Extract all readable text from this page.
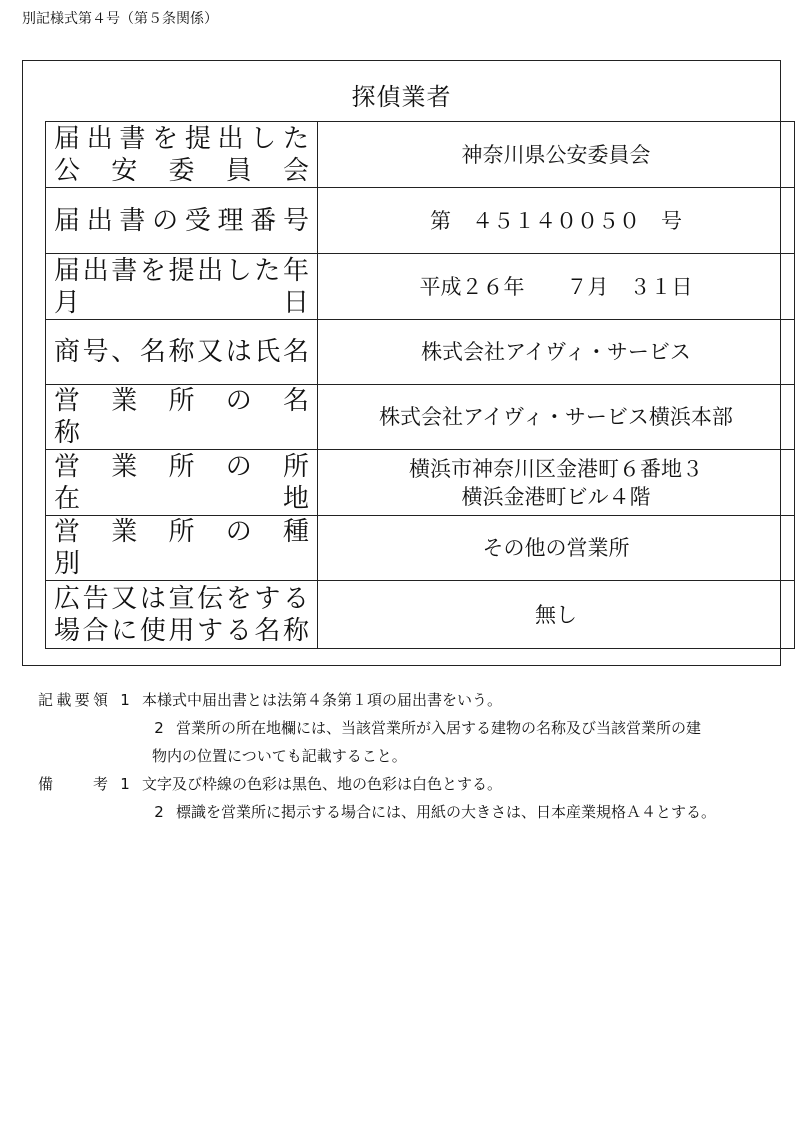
別記様式第４号（第５条関係）
探偵業者
届出書を提出した
公　安　委　員　会	神奈川県公安委員会

届出書の受理番号	第　４５１４００５０　号

届出書を提出した年月日	平成２６年　　７月　３１日

商号、名称又は氏名	株式会社アイヴィ・サービス

営　業　所　の　名　称	株式会社アイヴィ・サービス横浜本部

営　業　所　の　所　在　地	横浜市神奈川区金港町６番地３
横浜金港町ビル４階

営　業　所　の　種　別	その他の営業所

広告又は宣伝をする
場合に使用する名称	無し
記載要領 1 本様式中届出書とは法第４条第１項の届出書をいう。
2 営業所の所在地欄には、当該営業所が入居する建物の名称及び当該営業所の建
物内の位置についても記載すること。
備　　考 1 文字及び枠線の色彩は黒色、地の色彩は白色とする。
2 標識を営業所に掲示する場合には、用紙の大きさは、日本産業規格Ａ４とする。
